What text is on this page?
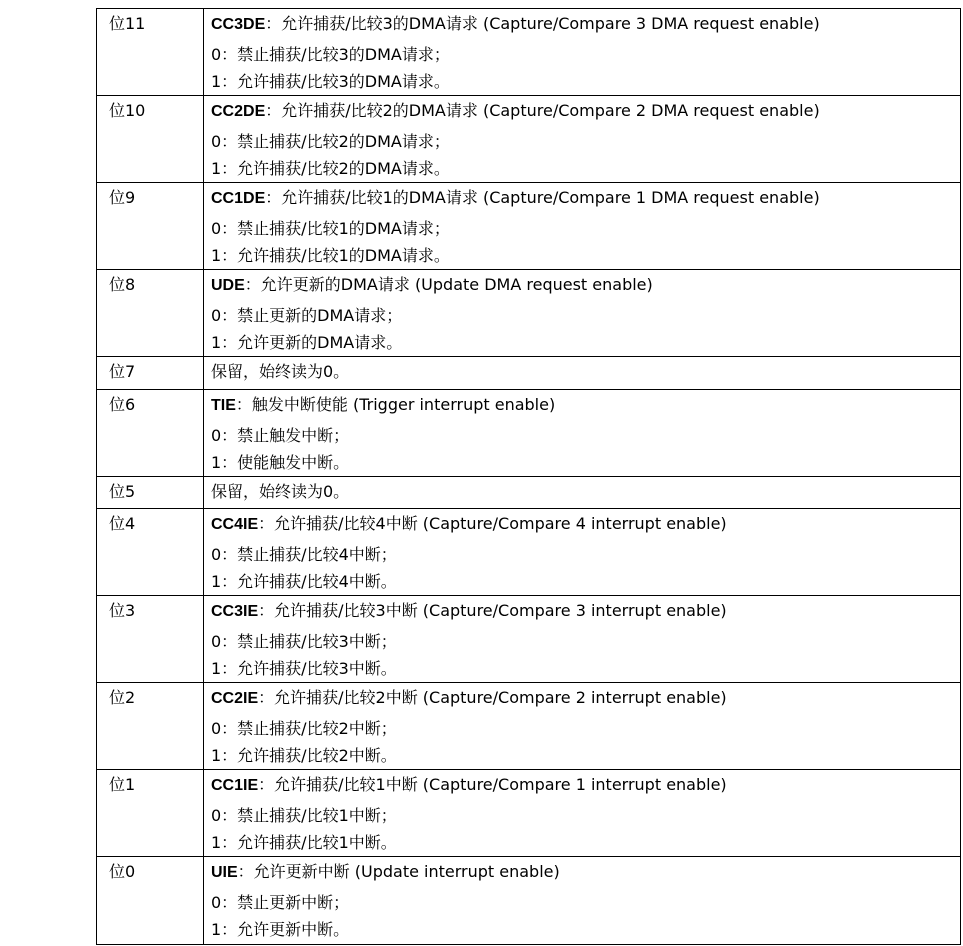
位11	CC3DE：允许捕获/比较3的DMA请求 (Capture/Compare 3 DMA request enable)
0：禁止捕获/比较3的DMA请求；
1：允许捕获/比较3的DMA请求。

位10	CC2DE：允许捕获/比较2的DMA请求 (Capture/Compare 2 DMA request enable)
0：禁止捕获/比较2的DMA请求；
1：允许捕获/比较2的DMA请求。

位9	CC1DE：允许捕获/比较1的DMA请求 (Capture/Compare 1 DMA request enable)
0：禁止捕获/比较1的DMA请求；
1：允许捕获/比较1的DMA请求。

位8	UDE：允许更新的DMA请求 (Update DMA request enable)
0：禁止更新的DMA请求；
1：允许更新的DMA请求。

位7	保留，始终读为0。

位6	TIE：触发中断使能 (Trigger interrupt enable)
0：禁止触发中断；
1：使能触发中断。

位5	保留，始终读为0。

位4	CC4IE：允许捕获/比较4中断 (Capture/Compare 4 interrupt enable)
0：禁止捕获/比较4中断；
1：允许捕获/比较4中断。

位3	CC3IE：允许捕获/比较3中断 (Capture/Compare 3 interrupt enable)
0：禁止捕获/比较3中断；
1：允许捕获/比较3中断。

位2	CC2IE：允许捕获/比较2中断 (Capture/Compare 2 interrupt enable)
0：禁止捕获/比较2中断；
1：允许捕获/比较2中断。

位1	CC1IE：允许捕获/比较1中断 (Capture/Compare 1 interrupt enable)
0：禁止捕获/比较1中断；
1：允许捕获/比较1中断。

位0	UIE：允许更新中断 (Update interrupt enable)
0：禁止更新中断；
1：允许更新中断。
